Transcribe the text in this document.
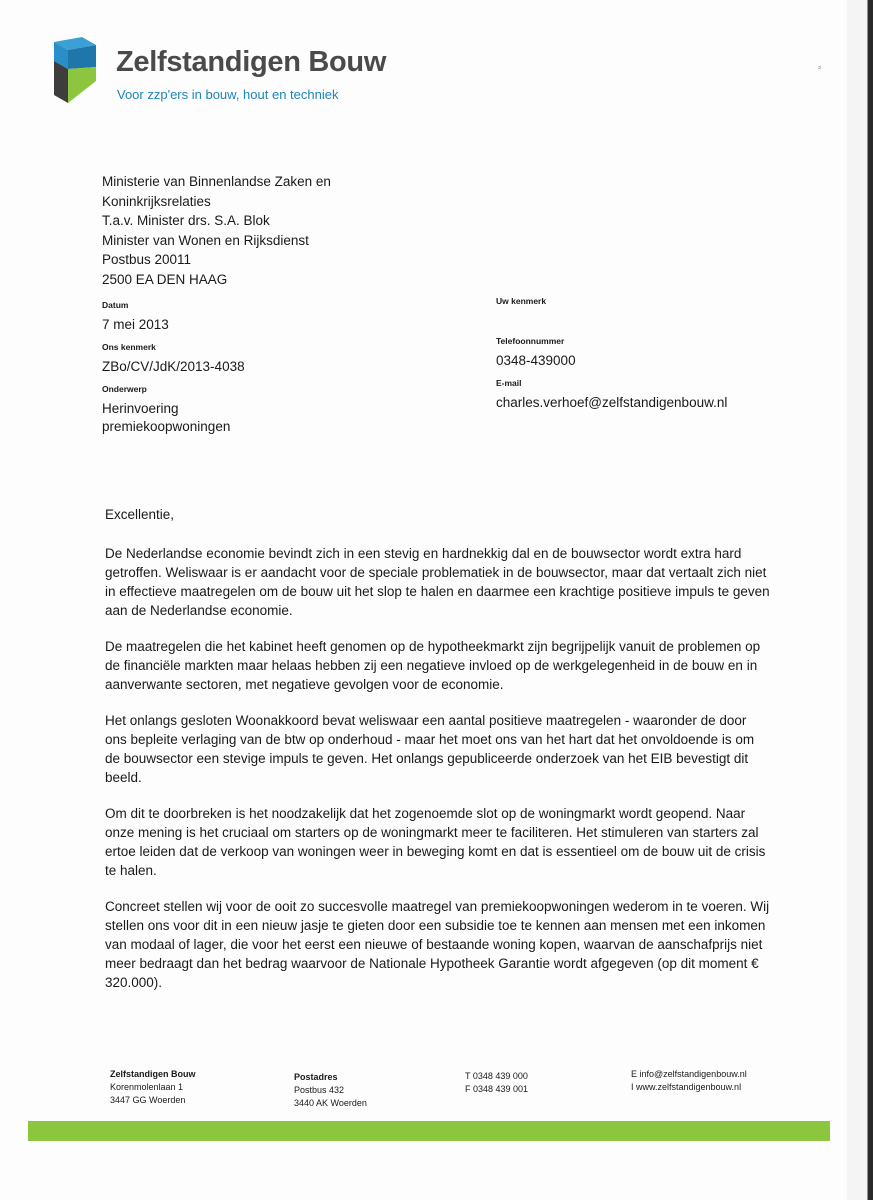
Zelfstandigen Bouw
Voor zzp'ers in bouw, hout en techniek
⸗
Ministerie van Binnenlandse Zaken en
Koninkrijksrelaties
T.a.v. Minister drs. S.A. Blok
Minister van Wonen en Rijksdienst
Postbus 20011
2500 EA DEN HAAG
Datum
7 mei 2013
Ons kenmerk
ZBo/CV/JdK/2013-4038
Onderwerp
Herinvoering
premiekoopwoningen
Uw kenmerk
Telefoonnummer
0348-439000
E-mail
charles.verhoef@zelfstandigenbouw.nl

Excellentie,

De Nederlandse economie bevindt zich in een stevig en hardnekkig dal en de bouwsector wordt extra hard getroffen. Weliswaar is er aandacht voor de speciale problematiek in de bouwsector, maar dat vertaalt zich niet in effectieve maatregelen om de bouw uit het slop te halen en daarmee een krachtige positieve impuls te geven aan de Nederlandse economie.

De maatregelen die het kabinet heeft genomen op de hypotheekmarkt zijn begrijpelijk vanuit de problemen op de financiële markten maar helaas hebben zij een negatieve invloed op de werkgelegenheid in de bouw en in aanverwante sectoren, met negatieve gevolgen voor de economie.

Het onlangs gesloten Woonakkoord bevat weliswaar een aantal positieve maatregelen - waaronder de door ons bepleite verlaging van de btw op onderhoud - maar het moet ons van het hart dat het onvoldoende is om de bouwsector een stevige impuls te geven. Het onlangs gepubliceerde onderzoek van het EIB bevestigt dit beeld.

Om dit te doorbreken is het noodzakelijk dat het zogenoemde slot op de woningmarkt wordt geopend. Naar onze mening is het cruciaal om starters op de woningmarkt meer te faciliteren. Het stimuleren van starters zal ertoe leiden dat de verkoop van woningen weer in beweging komt en dat is essentieel om de bouw uit de crisis te halen.

Concreet stellen wij voor de ooit zo succesvolle maatregel van premiekoopwoningen wederom in te voeren. Wij stellen ons voor dit in een nieuw jasje te gieten door een subsidie toe te kennen aan mensen met een inkomen van modaal of lager, die voor het eerst een nieuwe of bestaande woning kopen, waarvan de aanschafprijs niet meer bedraagt dan het bedrag waarvoor de Nationale Hypotheek Garantie wordt afgegeven (op dit moment € 320.000).

Zelfstandigen Bouw
Korenmolenlaan 1
3447 GG Woerden
Postadres
Postbus 432
3440 AK Woerden
T 0348 439 000
F 0348 439 001
E info@zelfstandigenbouw.nl
I www.zelfstandigenbouw.nl
